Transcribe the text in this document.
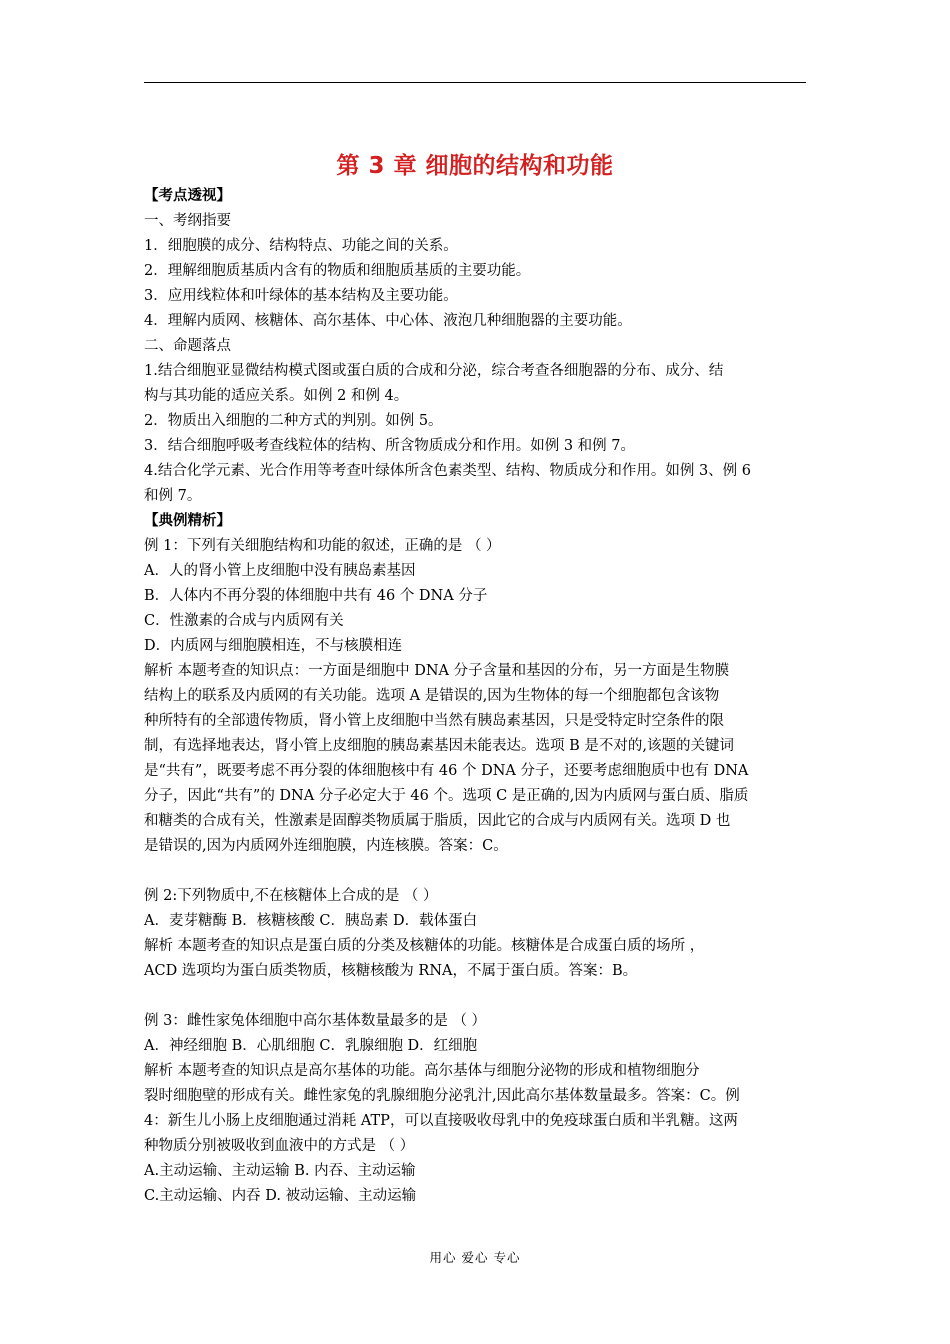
第 3 章 细胞的结构和功能

【考点透视】

一、考纲指要

1．细胞膜的成分、结构特点、功能之间的关系。

2．理解细胞质基质内含有的物质和细胞质基质的主要功能。

3．应用线粒体和叶绿体的基本结构及主要功能。

4．理解内质网、核糖体、高尔基体、中心体、液泡几种细胞器的主要功能。

二、命题落点

1.结合细胞亚显微结构模式图或蛋白质的合成和分泌，综合考查各细胞器的分布、成分、结

构与其功能的适应关系。如例 2 和例 4。

2．物质出入细胞的二种方式的判别。如例 5。

3．结合细胞呼吸考查线粒体的结构、所含物质成分和作用。如例 3 和例 7。

4.结合化学元素、光合作用等考查叶绿体所含色素类型、结构、物质成分和作用。如例 3、例 6

和例 7。

【典例精析】

例 1：下列有关细胞结构和功能的叙述，正确的是 （ ）

A．人的肾小管上皮细胞中没有胰岛素基因

B．人体内不再分裂的体细胞中共有 46 个 DNA 分子

C．性激素的合成与内质网有关

D．内质网与细胞膜相连，不与核膜相连

解析 本题考查的知识点：一方面是细胞中 DNA 分子含量和基因的分布，另一方面是生物膜

结构上的联系及内质网的有关功能。选项 A 是错误的,因为生物体的每一个细胞都包含该物

种所特有的全部遗传物质，肾小管上皮细胞中当然有胰岛素基因，只是受特定时空条件的限

制，有选择地表达，肾小管上皮细胞的胰岛素基因未能表达。选项 B 是不对的,该题的关键词

是“共有”，既要考虑不再分裂的体细胞核中有 46 个 DNA 分子，还要考虑细胞质中也有 DNA

分子，因此“共有”的 DNA 分子必定大于 46 个。选项 C 是正确的,因为内质网与蛋白质、脂质

和糖类的合成有关，性激素是固醇类物质属于脂质，因此它的合成与内质网有关。选项 D 也

是错误的,因为内质网外连细胞膜，内连核膜。答案：C。

例 2:下列物质中,不在核糖体上合成的是 （ ）

A．麦芽糖酶 B．核糖核酸 C．胰岛素 D．载体蛋白

解析 本题考查的知识点是蛋白质的分类及核糖体的功能。核糖体是合成蛋白质的场所 ，

ACD 选项均为蛋白质类物质，核糖核酸为 RNA，不属于蛋白质。答案：B。

例 3：雌性家兔体细胞中高尔基体数量最多的是 （ ）

A．神经细胞 B．心肌细胞 C．乳腺细胞 D．红细胞

解析 本题考查的知识点是高尔基体的功能。高尔基体与细胞分泌物的形成和植物细胞分

裂时细胞壁的形成有关。雌性家兔的乳腺细胞分泌乳汁,因此高尔基体数量最多。答案：C。例

4：新生儿小肠上皮细胞通过消耗 ATP，可以直接吸收母乳中的免疫球蛋白质和半乳糖。这两

种物质分别被吸收到血液中的方式是 （ ）

A.主动运输、主动运输 B. 内吞、主动运输

C.主动运输、内吞 D. 被动运输、主动运输

用心 爱心 专心
